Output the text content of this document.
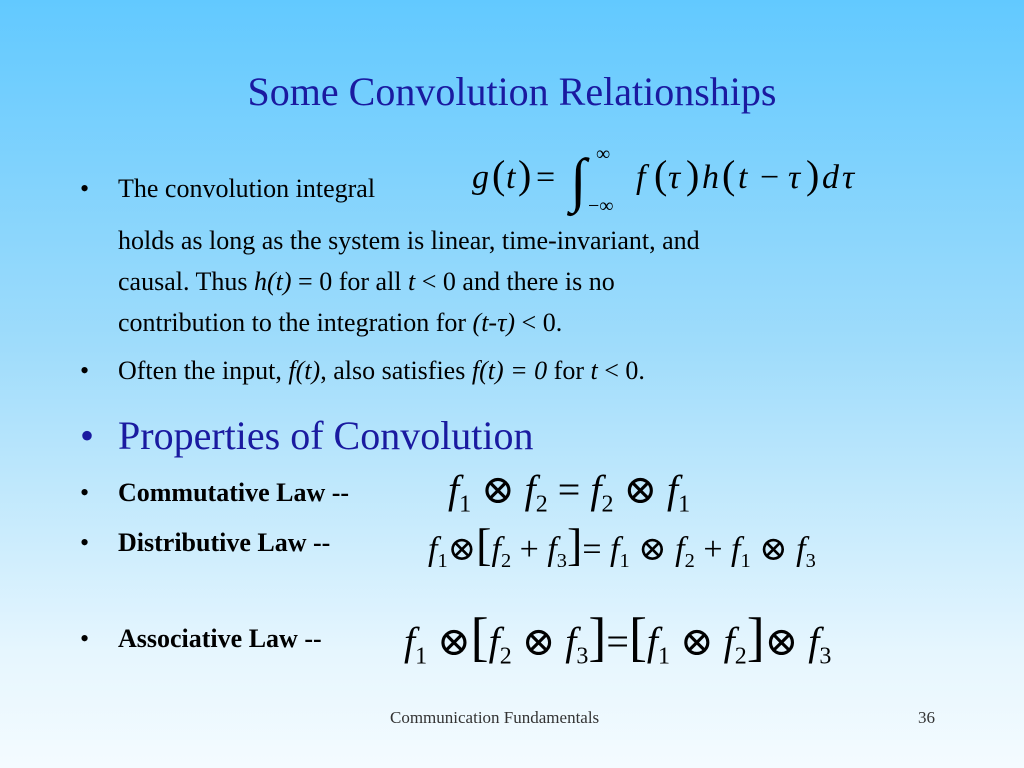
Some Convolution Relationships
• The convolution integral	g ( t ) = ∫ ∞
−∞
f ( τ ) h ( t − τ ) d τ
holds as long as the system is linear, time-invariant, and
causal. Thus h(t) = 0 for all t < 0 and there is no
contribution to the integration for (t-τ) < 0.
• Often the input, f(t), also satisfies f(t) = 0 for t < 0.
• Properties of Convolution
• Commutative Law -- $f_1$ ⊗ $f_2 = f_2$ ⊗ $f_1$
• Distributive Law --	$f_1\otimes[f_2 + f_3]= f_1$ ⊗ $f_2 + f_1$ ⊗ $f_3$
• Associative Law -- $f_1$ $\otimes[f_2$ ⊗ $f_3]=[f_1$ ⊗ $f_2]\otimes$ $f_3$
Communication Fundamentals	36
